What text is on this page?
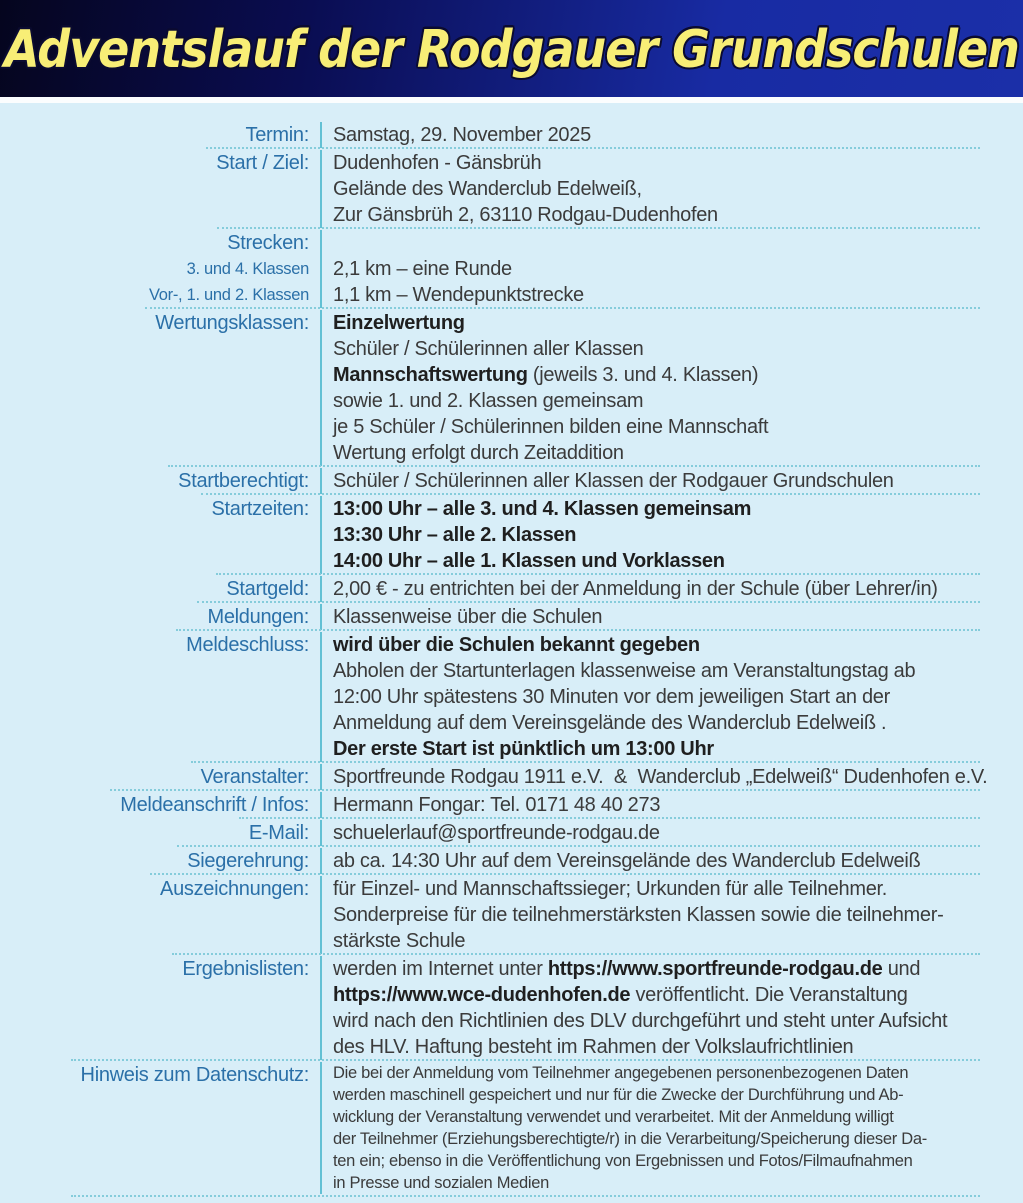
Adventslauf der Rodgauer Grundschulen
Termin: Samstag, 29. November 2025
Start / Ziel: Dudenhofen - Gänsbrüh
Gelände des Wanderclub Edelweiß,
Zur Gänsbrüh 2, 63110 Rodgau-Dudenhofen
Strecken:
3. und 4. Klassen
Vor-, 1. und 2. Klassen

2,1 km – eine Runde
1,1 km – Wendepunktstrecke
Wertungsklassen: Einzelwertung
Schüler / Schülerinnen aller Klassen
Mannschaftswertung (jeweils 3. und 4. Klassen)
sowie 1. und 2. Klassen gemeinsam
je 5 Schüler / Schülerinnen bilden eine Mannschaft
Wertung erfolgt durch Zeitaddition
Startberechtigt: Schüler / Schülerinnen aller Klassen der Rodgauer Grundschulen
Startzeiten: 13:00 Uhr – alle 3. und 4. Klassen gemeinsam
13:30 Uhr – alle 2. Klassen
14:00 Uhr – alle 1. Klassen und Vorklassen
Startgeld: 2,00 € - zu entrichten bei der Anmeldung in der Schule (über Lehrer/in)
Meldungen: Klassenweise über die Schulen
Meldeschluss: wird über die Schulen bekannt gegeben
Abholen der Startunterlagen klassenweise am Veranstaltungstag ab
12:00 Uhr spätestens 30 Minuten vor dem jeweiligen Start an der
Anmeldung auf dem Vereinsgelände des Wanderclub Edelweiß .
Der erste Start ist pünktlich um 13:00 Uhr
Veranstalter: Sportfreunde Rodgau 1911 e.V.  &  Wanderclub „Edelweiß“ Dudenhofen e.V.
Meldeanschrift / Infos: Hermann Fongar: Tel. 0171 48 40 273
E-Mail: schuelerlauf@sportfreunde-rodgau.de
Siegerehrung: ab ca. 14:30 Uhr auf dem Vereinsgelände des Wanderclub Edelweiß
Auszeichnungen: für Einzel- und Mannschaftssieger; Urkunden für alle Teilnehmer.
Sonderpreise für die teilnehmerstärksten Klassen sowie die teilnehmer-
stärkste Schule
Ergebnislisten: werden im Internet unter https://www.sportfreunde-rodgau.de und
https://www.wce-dudenhofen.de veröffentlicht. Die Veranstaltung
wird nach den Richtlinien des DLV durchgeführt und steht unter Aufsicht
des HLV. Haftung besteht im Rahmen der Volkslaufrichtlinien
Hinweis zum Datenschutz: Die bei der Anmeldung vom Teilnehmer angegebenen personenbezogenen Daten
werden maschinell gespeichert und nur für die Zwecke der Durchführung und Ab-
wicklung der Veranstaltung verwendet und verarbeitet. Mit der Anmeldung willigt
der Teilnehmer (Erziehungsberechtigte/r) in die Verarbeitung/Speicherung dieser Da-
ten ein; ebenso in die Veröffentlichung von Ergebnissen und Fotos/Filmaufnahmen
in Presse und sozialen Medien
